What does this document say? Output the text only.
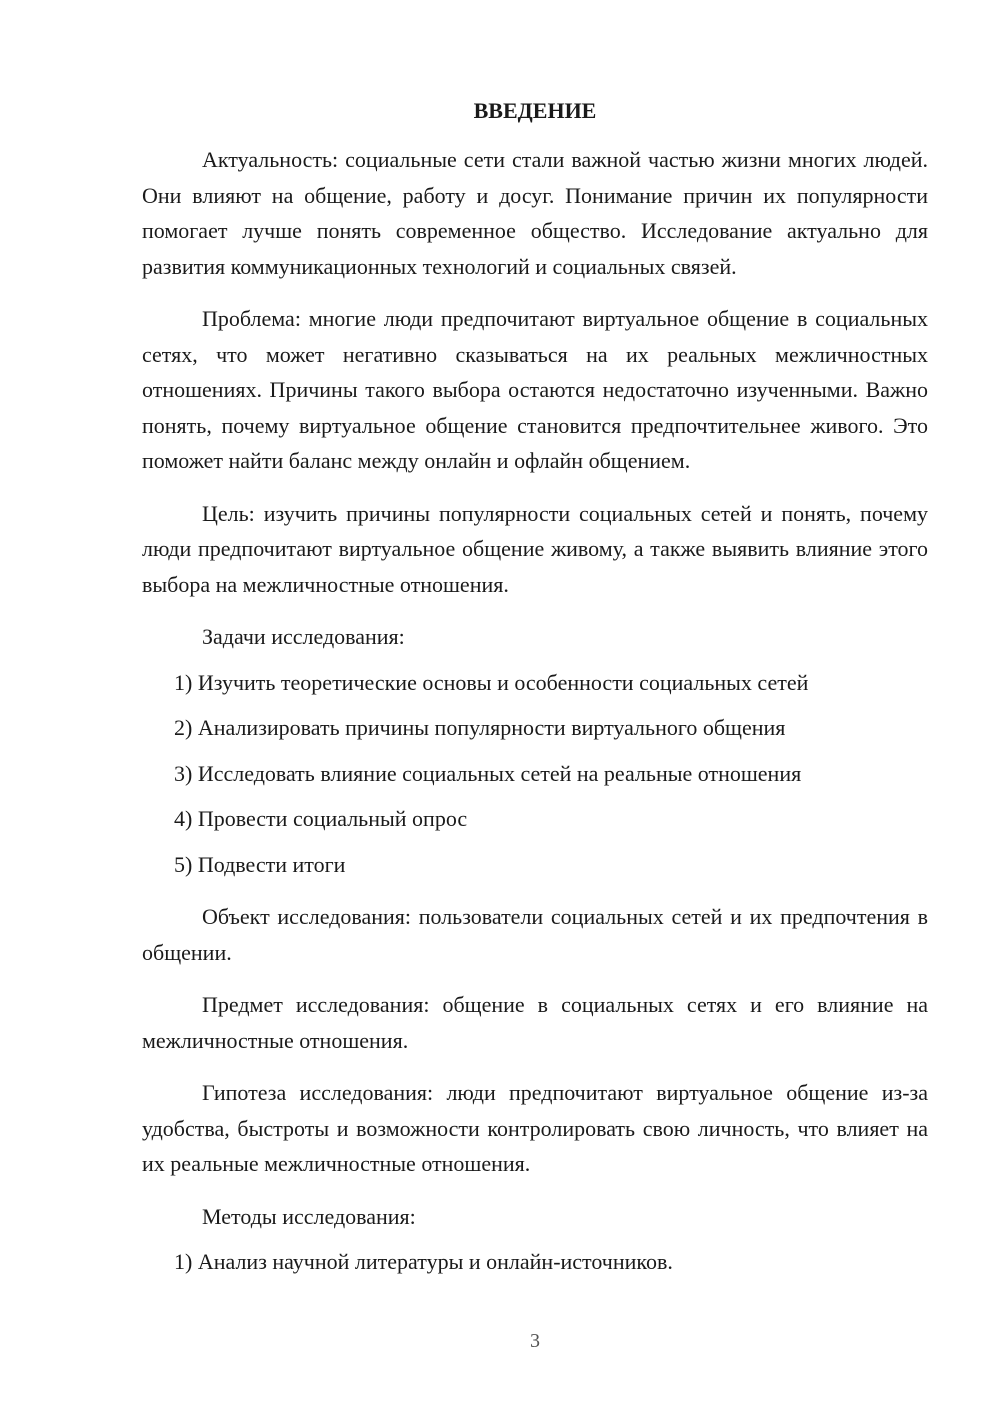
ВВЕДЕНИЕ

Актуальность: социальные сети стали важной частью жизни многих людей. Они влияют на общение, работу и досуг. Понимание причин их популярности помогает лучше понять современное общество. Исследование актуально для развития коммуникационных технологий и социальных связей.

Проблема: многие люди предпочитают виртуальное общение в социальных сетях, что может негативно сказываться на их реальных межличностных отношениях. Причины такого выбора остаются недостаточно изученными. Важно понять, почему виртуальное общение становится предпочтительнее живого. Это поможет найти баланс между онлайн и офлайн общением.

Цель: изучить причины популярности социальных сетей и понять, почему люди предпочитают виртуальное общение живому, а также выявить влияние этого выбора на межличностные отношения.

Задачи исследования:

1) Изучить теоретические основы и особенности социальных сетей

2) Анализировать причины популярности виртуального общения

3) Исследовать влияние социальных сетей на реальные отношения

4) Провести социальный опрос

5) Подвести итоги

Объект исследования: пользователи социальных сетей и их предпочтения в общении.

Предмет исследования: общение в социальных сетях и его влияние на межличностные отношения.

Гипотеза исследования: люди предпочитают виртуальное общение из-за удобства, быстроты и возможности контролировать свою личность, что влияет на их реальные межличностные отношения.

Методы исследования:

1) Анализ научной литературы и онлайн-источников.

3
